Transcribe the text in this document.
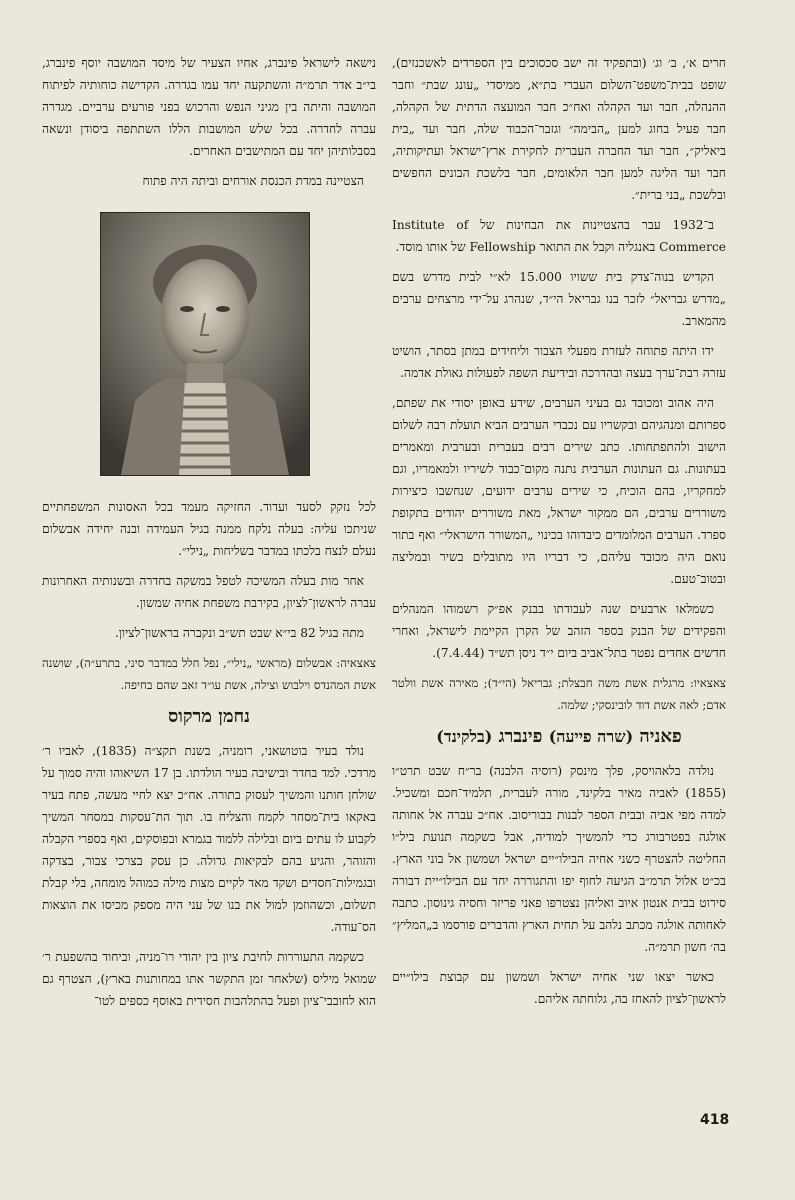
חרים א׳, ב׳ וג׳ (ובתפקיד זה ישב סכסוכים בין הספרדים לאשכנזים), שופט בבית־משפט־השלום העברי בת״א, ממיסדי „עונג שבת״ וחבר ההנהלה, חבר ועד הקהלה ואח״כ חבר המועצה הדתית של הקהלה, חבר פעיל בחוג למען „הבימה״ וגזבר־הכבוד שלה, חבר ועד „בית ביאליק״, חבר ועד החברה העברית לחקירת ארץ־ישראל ועתיקותיה, חבר ועד הליגה למען חבר הלאומים, חבר בלשכת הבונים החפשים ובלשכת „בני ברית״.

ב־1932 עבר בהצטיינות את הבחינות של Institute of Commerce באנגליה וקבל את התואר Fellowship של אותו מוסד.

הקדיש בנוה־צדק בית ששויו 15.000 לא״י לבית מדרש בשם „מדרש גבריאל״ לזכר בנו גבריאל הי״ד, שנהרג על־ידי מרצחים ערבים מהמארב.

ידו היתה פתוחה לעזרת מפעלי הצבור וליחידים במתן בסתר, הושיט עזרה רבת־ערך בעצה ובהדרכה ובידיעת השפה לפעולות גאולת אדמה.

היה אהוב ומכובד גם בעיני הערבים, שידע באופן יסודי את שפתם, ספרותם ומנהגיהם ובקשריו עם נכבדי הערבים הביא תועלת רבה לשלום הישוב ולהתפתחותו. כתב שירים רבים בעברית ובערבית ומאמרים בעתונות. גם העתונות הערבית נתנה מקום־כבוד לשיריו ולמאמריו, וגם למחקריו, בהם הוכיח, כי שירים ערבים ידועים, שנחשבו כיצירות משוררים ערבים, הם ממקור ישראל, מאת משוררים יהודים בתקופת ספרד. הערבים המלומדים כיבדוהו בכינוי „המשורר הישראלי״ ואף בתור נואם היה מכובד עליהם, כי דבריו היו מתובלים בשיר ובמליצה ובטוב־טעם.

כשמלאו ארבעים שנה לעבודתו בבנק אפ״ק רשמוהו המנהלים והפקידים של הבנק בספר הזהב של הקרן הקיימת לישראל, ואחרי חדשים אחדים נפטר בתל־אביב ביום י״ד ניסן תש״ד (7.4.44).

צאצאיו: מרגלית אשת משה חבצלת; גבריאל (הי״ד); מאירה אשת וולטר אדם; לאה אשת דוד לובינסקי; שלמה.

פאניה (שרה פייעה) פינברג (בלקינד)

נולדה בלאהויסק, פלך מינסק (רוסיה הלבנה) בר״ח שבט תרט״ו (1855) לאביה מאיר בלקינד, מורה לעברית, תלמיד־חכם ומשכיל. למדה מפי אביה ובבית הספר לבנות בבוריסוב. אח״כ עברה אל אחותה אולגה בפטרבורג כדי להמשיך למודיה, אבל כשקמה תנועת ביל״ו החליטה להצטרף כשני אחיה הבילו״יים ישראל ושמשון אל בוני הארץ. בכ״ט אלול תרמ״ב הגיעה לחוף יפו והתגוררה יחד עם הבילו״יית דבורה סירוט בבית אנטון איוב ואליהן נצטרפו פאני פריזר וחסיה גינוסון. כתבה לאחותה אולגה מכתב נלהב על תחית הארץ והדברים פורסמו ב„המליץ״ בה׳ חשון תרמ״ה.

כאשר יצאו שני אחיה ישראל ושמשון עם קבוצת בילו״יים לראשון־לציון להאחז בה, גלוחתה אליהם.

נישאה לישראל פינברג, אחיו הצעיר של מיסד המושבה יוסף פינברג, בי״ב אדר תרמ״ה והשתקעה יחד עמו בגדרה. הקדישה כוחותיה לפיתוח המושבה והיתה בין מגיני הנפש והרכוש בפני פורעים ערביים. מגדרה עברה לחדרה. בכל שלש המושבות הללו השתתפה ביסודן ונשאה בסבלותיהן יחד עם המתישבים האחרים.

הצטיינה במדת הכנסת אורחים וביתה היה פתוח

לכל נזקק לסעד ועדוד. החזיקה מעמד בכל האסונות המשפחתיים שניתכו עליה: בעלה נלקח ממנה בגיל העמידה ובנה יחידה אבשלום נעלם לנצח בלכתו במדבר בשליחות „נילי״.

אחר מות בעלה המשיכה לטפל במשקה בחדרה ובשנותיה האחרונות עברה לראשון־לציון, בקירבת משפחת אחיה שמשון.

מתה בגיל 82 בי״א שבט תש״ב ונקברה בראשון־לציון.

צאצאיה: אבשלום (מראשי „נילי״, נפל חלל במדבר סיני, בתרע״ה), שושנה אשת המהנדס וילבוש וצילה, אשת עו״ד זאב שהם בחיפה.

נחמן מרקוס

נולד בעיר בוטושאני, רומניה, בשנת תקצ״ה (1835), לאביו ר׳ מרדכי. למד בחדר ובישיבה בעיר הולדתו. בן 17 השיאוהו והיה סמוך על שולחן חותנו והמשיך לעסוק בתורה. אח״כ יצא לחיי מעשה, פתח בעיר באקאו בית־מסחר לקמח והצליח בו. תוך הת־עסקות במסחר המשיך לקבוע לו עתים ביום ובלילה ללמוד בגמרא ובפוסקים, ואף בספרי הקבלה והזוהר, והגיע בהם לבקיאות גדולה. כן עסק בצרכי צבור, בצדקה ובגמילות־חסדים ושקד מאד לקיים מצות מילה כמוהל מומחה, בלי קבלת תשלום, וכשהוזמן למול את בנו של עני היה מספק מכיסו את הוצאות הס־עודה.

כשקמה התעוררות לחיבת ציון בין יהודי רו־מניה, וביחוד בהשפעת ר׳ שמואל מיליס (שלאחר זמן התקשר אתו במחותנות בארץ), הצטרף גם הוא לחובבי־ציון ופעל בהתלהבות חסידית באוסף כספים לטו־

418
